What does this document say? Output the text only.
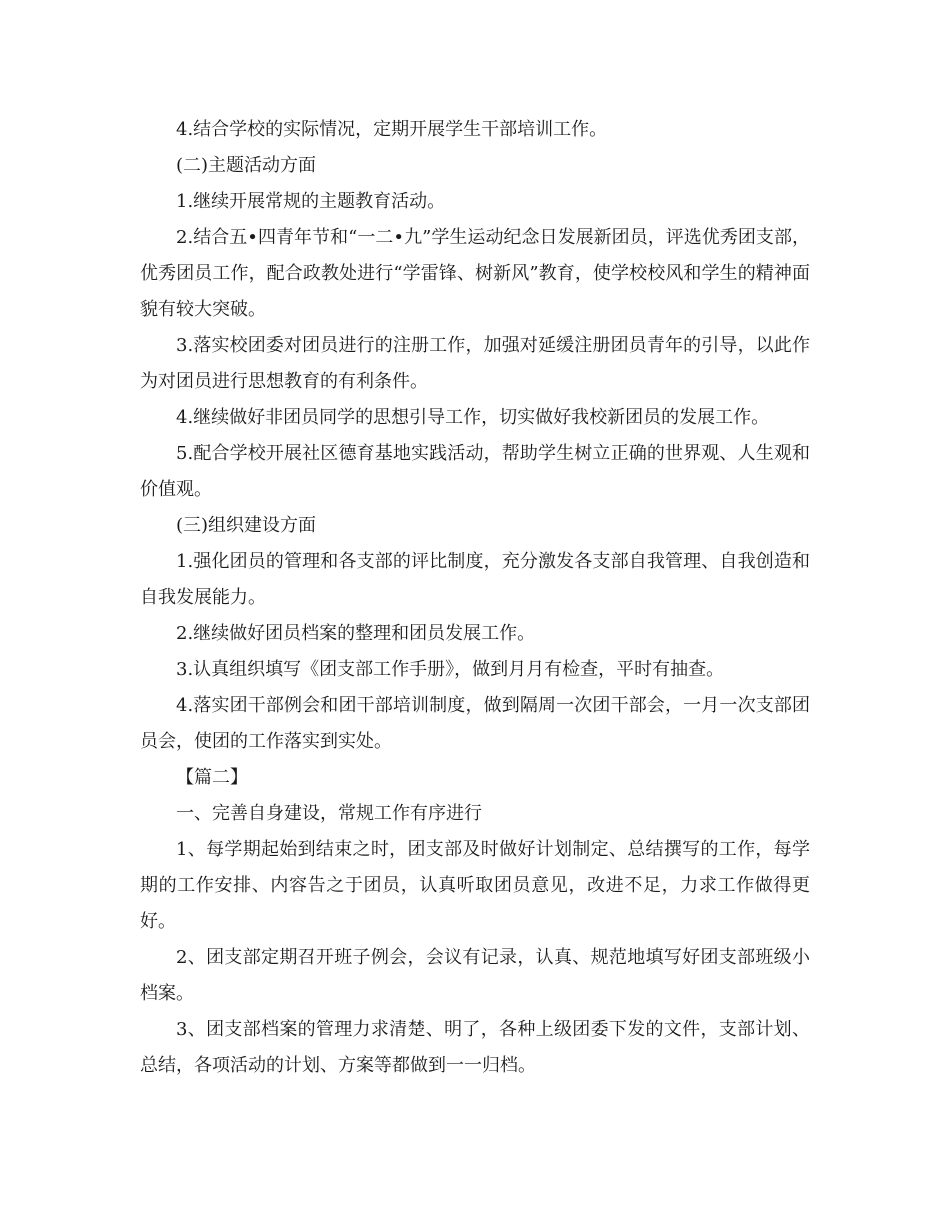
4.结合学校的实际情况，定期开展学生干部培训工作。

(二)主题活动方面

1.继续开展常规的主题教育活动。

2.结合五•四青年节和“一二•九”学生运动纪念日发展新团员，评选优秀团支部，优秀团员工作，配合政教处进行“学雷锋、树新风”教育，使学校校风和学生的精神面貌有较大突破。

3.落实校团委对团员进行的注册工作，加强对延缓注册团员青年的引导，以此作为对团员进行思想教育的有利条件。

4.继续做好非团员同学的思想引导工作，切实做好我校新团员的发展工作。

5.配合学校开展社区德育基地实践活动，帮助学生树立正确的世界观、人生观和价值观。

(三)组织建设方面

1.强化团员的管理和各支部的评比制度，充分激发各支部自我管理、自我创造和自我发展能力。

2.继续做好团员档案的整理和团员发展工作。

3.认真组织填写《团支部工作手册》，做到月月有检查，平时有抽查。

4.落实团干部例会和团干部培训制度，做到隔周一次团干部会，一月一次支部团员会，使团的工作落实到实处。

【篇二】

一、完善自身建设，常规工作有序进行

1、每学期起始到结束之时，团支部及时做好计划制定、总结撰写的工作，每学期的工作安排、内容告之于团员，认真听取团员意见，改进不足，力求工作做得更好。

2、团支部定期召开班子例会，会议有记录，认真、规范地填写好团支部班级小档案。

3、团支部档案的管理力求清楚、明了，各种上级团委下发的文件，支部计划、总结，各项活动的计划、方案等都做到一一归档。
